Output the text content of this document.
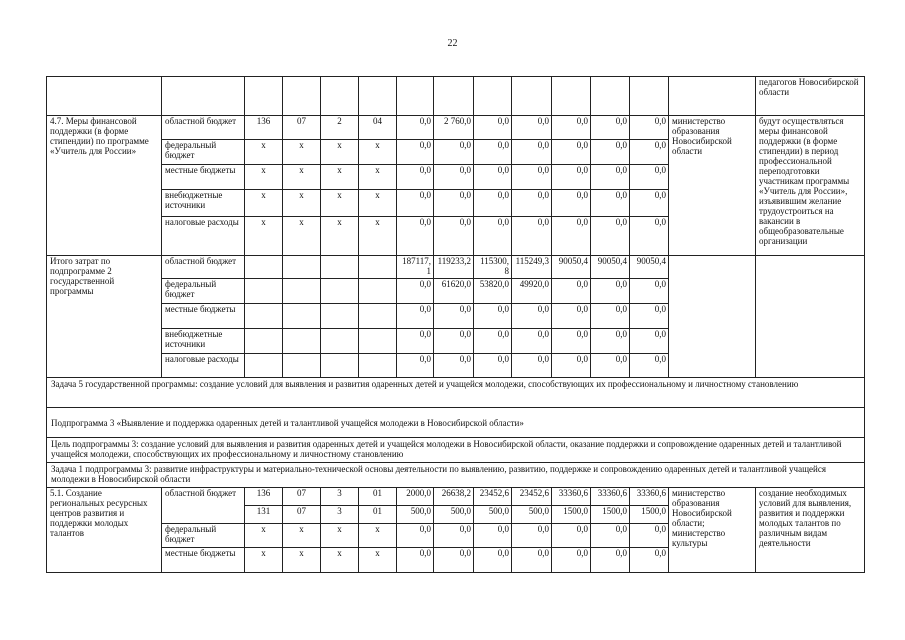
22
														педагогов Новосибирской области
4.7. Меры финансовой поддержки (в форме стипендии) по программе «Учитель для России»	областной бюджет	136	07	2	04	0,0	2 760,0	0,0	0,0	0,0	0,0	0,0	министерство образования Новосибирской области	будут осуществляться меры финансовой поддержки (в форме стипендии) в период профессиональной переподготовки участникам программы «Учитель для России», изъявившим желание трудоустроиться на вакансии в общеобразовательные организации
	федеральный бюджет	х	х	х	х	0,0	0,0	0,0	0,0	0,0	0,0	0,0		
	местные бюджеты	х	х	х	х	0,0	0,0	0,0	0,0	0,0	0,0	0,0		
	внебюджетные источники	х	х	х	х	0,0	0,0	0,0	0,0	0,0	0,0	0,0		
	налоговые расходы	х	х	х	х	0,0	0,0	0,0	0,0	0,0	0,0	0,0		
Итого затрат по подпрограмме 2 государственной программы	областной бюджет					187117,1	119233,2	115300,8	115249,3	90050,4	90050,4	90050,4		
	федеральный бюджет					0,0	61620,0	53820,0	49920,0	0,0	0,0	0,0		
	местные бюджеты					0,0	0,0	0,0	0,0	0,0	0,0	0,0		
	внебюджетные источники					0,0	0,0	0,0	0,0	0,0	0,0	0,0		
	налоговые расходы					0,0	0,0	0,0	0,0	0,0	0,0	0,0		
Задача 5 государственной программы: создание условий для выявления и развития одаренных детей и учащейся молодежи, способствующих их профессиональному и личностному становлению														
Подпрограмма 3 «Выявление и поддержка одаренных детей и талантливой учащейся молодежи в Новосибирской области»														
Цель подпрограммы 3: создание условий для выявления и развития одаренных детей и учащейся молодежи в Новосибирской области, оказание поддержки и сопровождение одаренных детей и талантливой учащейся молодежи, способствующих их профессиональному и личностному становлению														
Задача 1 подпрограммы 3: развитие инфраструктуры и материально-технической основы деятельности по выявлению, развитию, поддержке и сопровождению одаренных детей и талантливой учащейся молодежи в Новосибирской области														
5.1. Создание региональных ресурсных центров развития и поддержки молодых талантов	областной бюджет	136	07	3	01	2000,0	26638,2	23452,6	23452,6	33360,6	33360,6	33360,6	министерство образования Новосибирской области; министерство культуры	создание необходимых условий для выявления, развития и поддержки молодых талантов по различным видам деятельности
		131	07	3	01	500,0	500,0	500,0	500,0	1500,0	1500,0	1500,0		
	федеральный бюджет	х	х	х	х	0,0	0,0	0,0	0,0	0,0	0,0	0,0		
	местные бюджеты	х	х	х	х	0,0	0,0	0,0	0,0	0,0	0,0	0,0		
